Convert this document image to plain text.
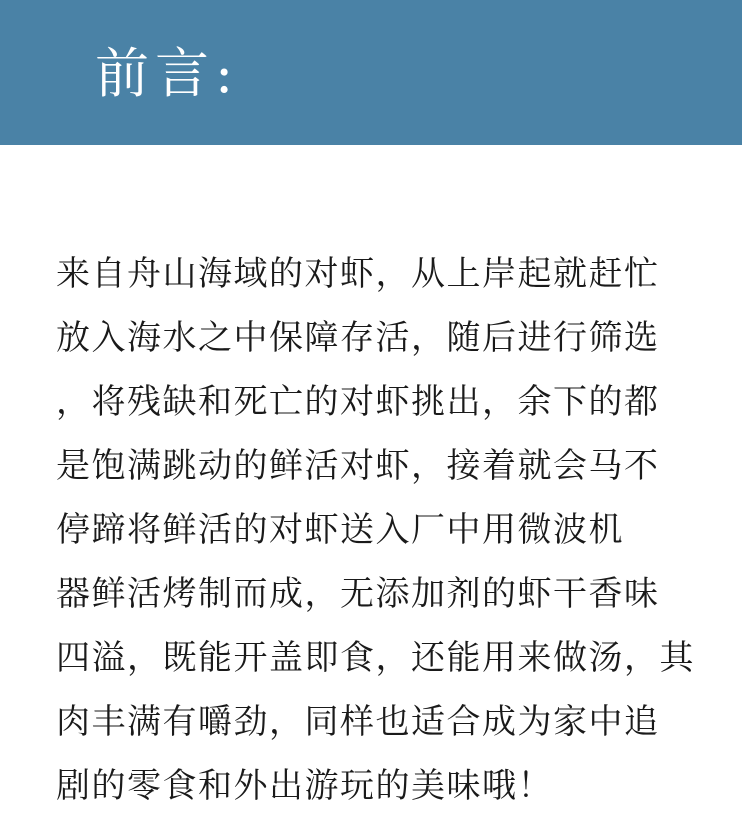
前言:
来自舟山海域的对虾，从上岸起就赶忙
放入海水之中保障存活，随后进行筛选
，将残缺和死亡的对虾挑出，余下的都
是饱满跳动的鲜活对虾，接着就会马不
停蹄将鲜活的对虾送入厂中用微波机
器鲜活烤制而成，无添加剂的虾干香味
四溢，既能开盖即食，还能用来做汤，其
肉丰满有嚼劲，同样也适合成为家中追
剧的零食和外出游玩的美味哦！
